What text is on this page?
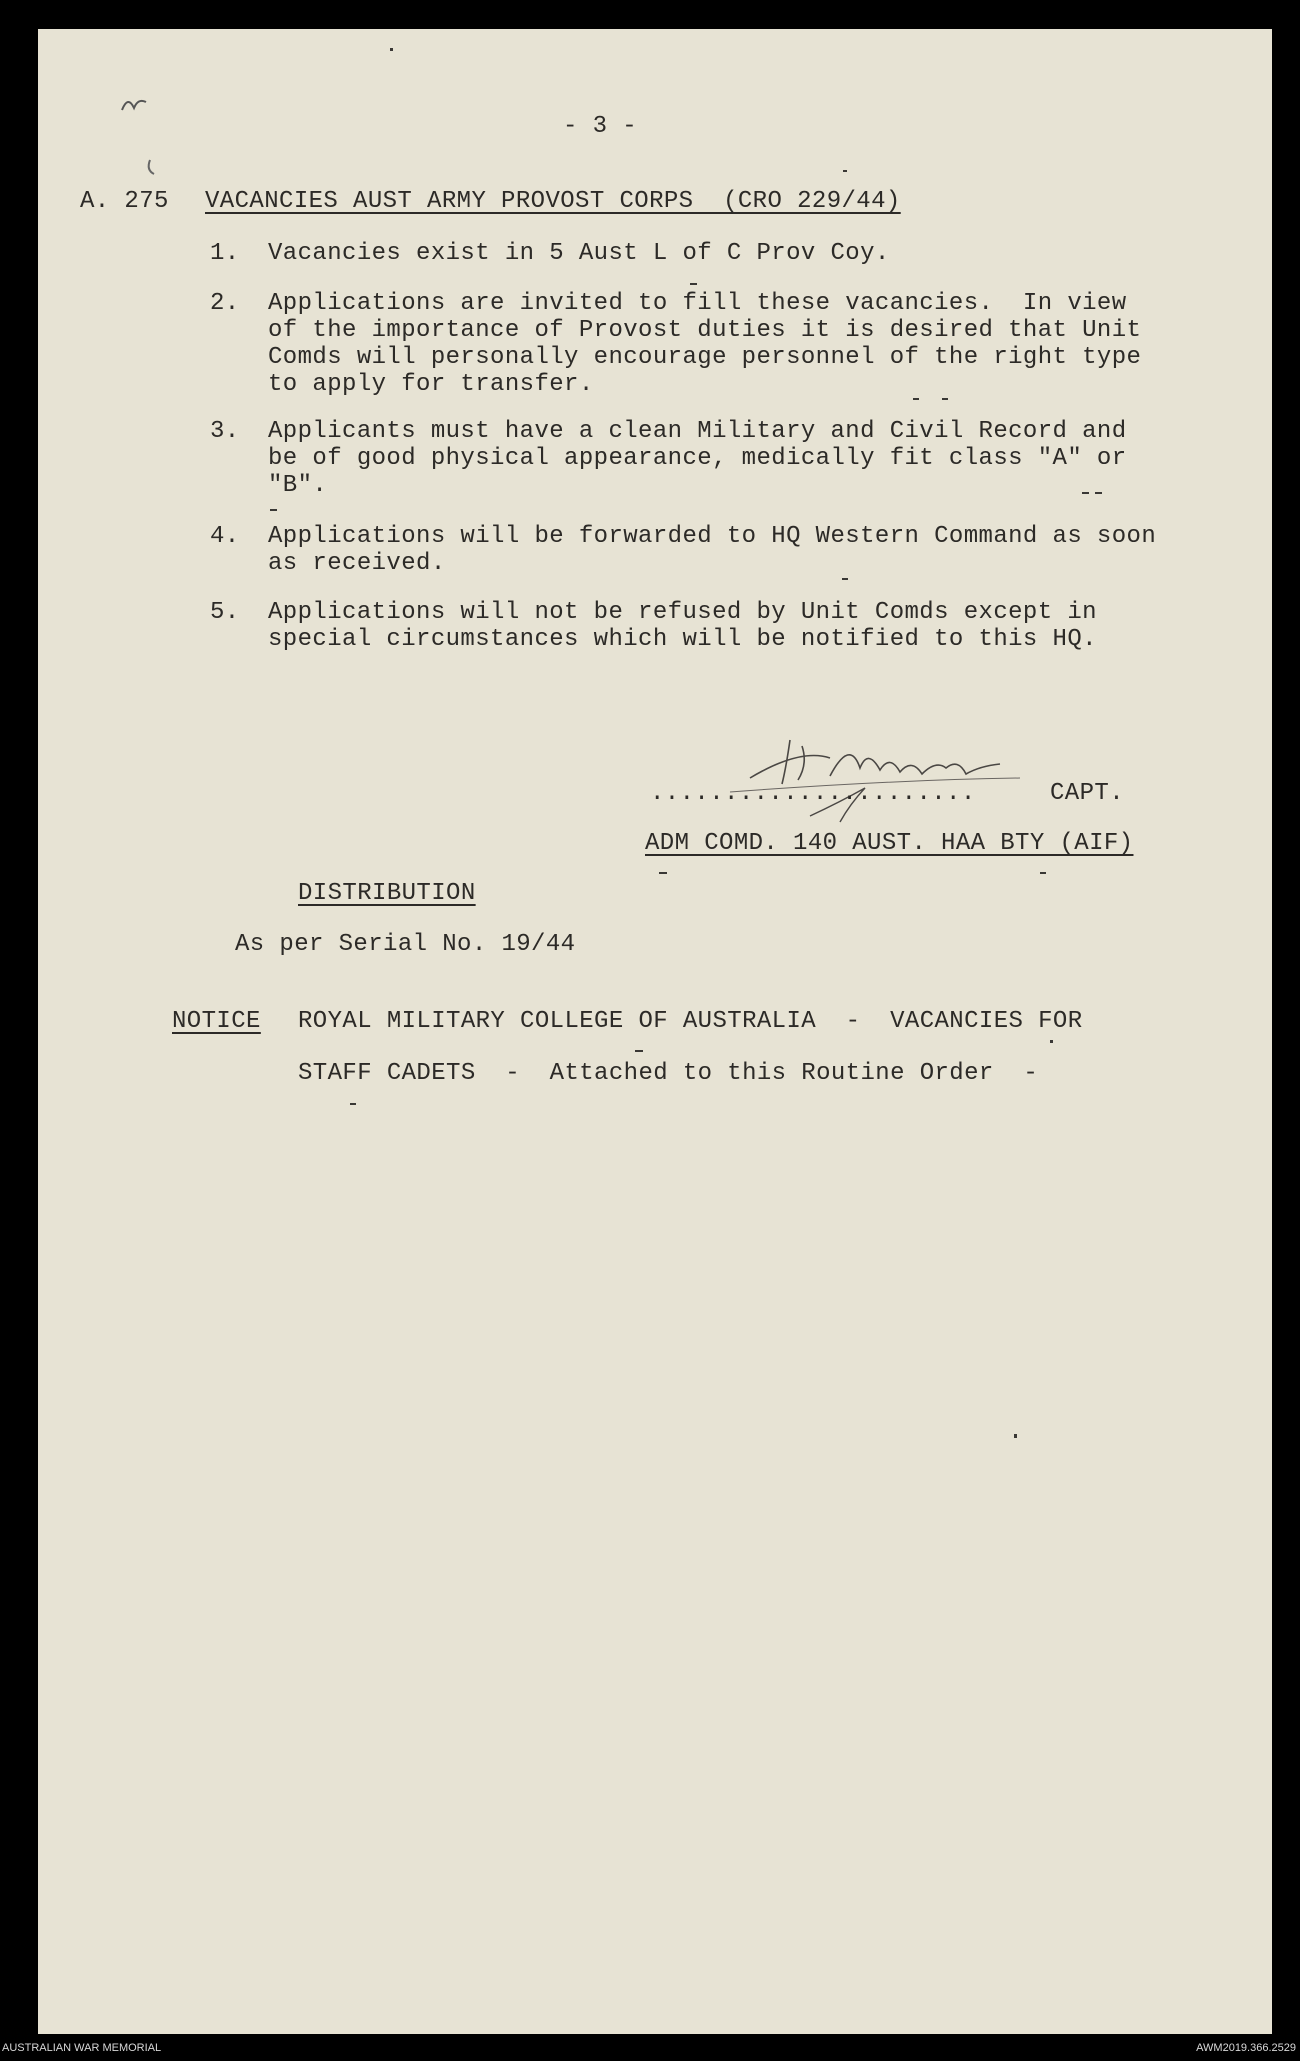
- 3 -
A. 275 VACANCIES AUST ARMY PROVOST CORPS  (CRO 229/44)
1. Vacancies exist in 5 Aust L of C Prov Coy.
2. Applications are invited to fill these vacancies.  In view
of the importance of Provost duties it is desired that Unit
Comds will personally encourage personnel of the right type
to apply for transfer.
3. Applicants must have a clean Military and Civil Record and
be of good physical appearance, medically fit class "A" or
"B".
4. Applications will be forwarded to HQ Western Command as soon
as received.
5. Applications will not be refused by Unit Comds except in
special circumstances which will be notified to this HQ.
......................	CAPT.
ADM COMD. 140 AUST. HAA BTY (AIF)
DISTRIBUTION
As per Serial No. 19/44
NOTICE ROYAL MILITARY COLLEGE OF AUSTRALIA  -  VACANCIES FOR
STAFF CADETS  -  Attached to this Routine Order  -
AUSTRALIAN WAR MEMORIAL	AWM2019.366.2529
